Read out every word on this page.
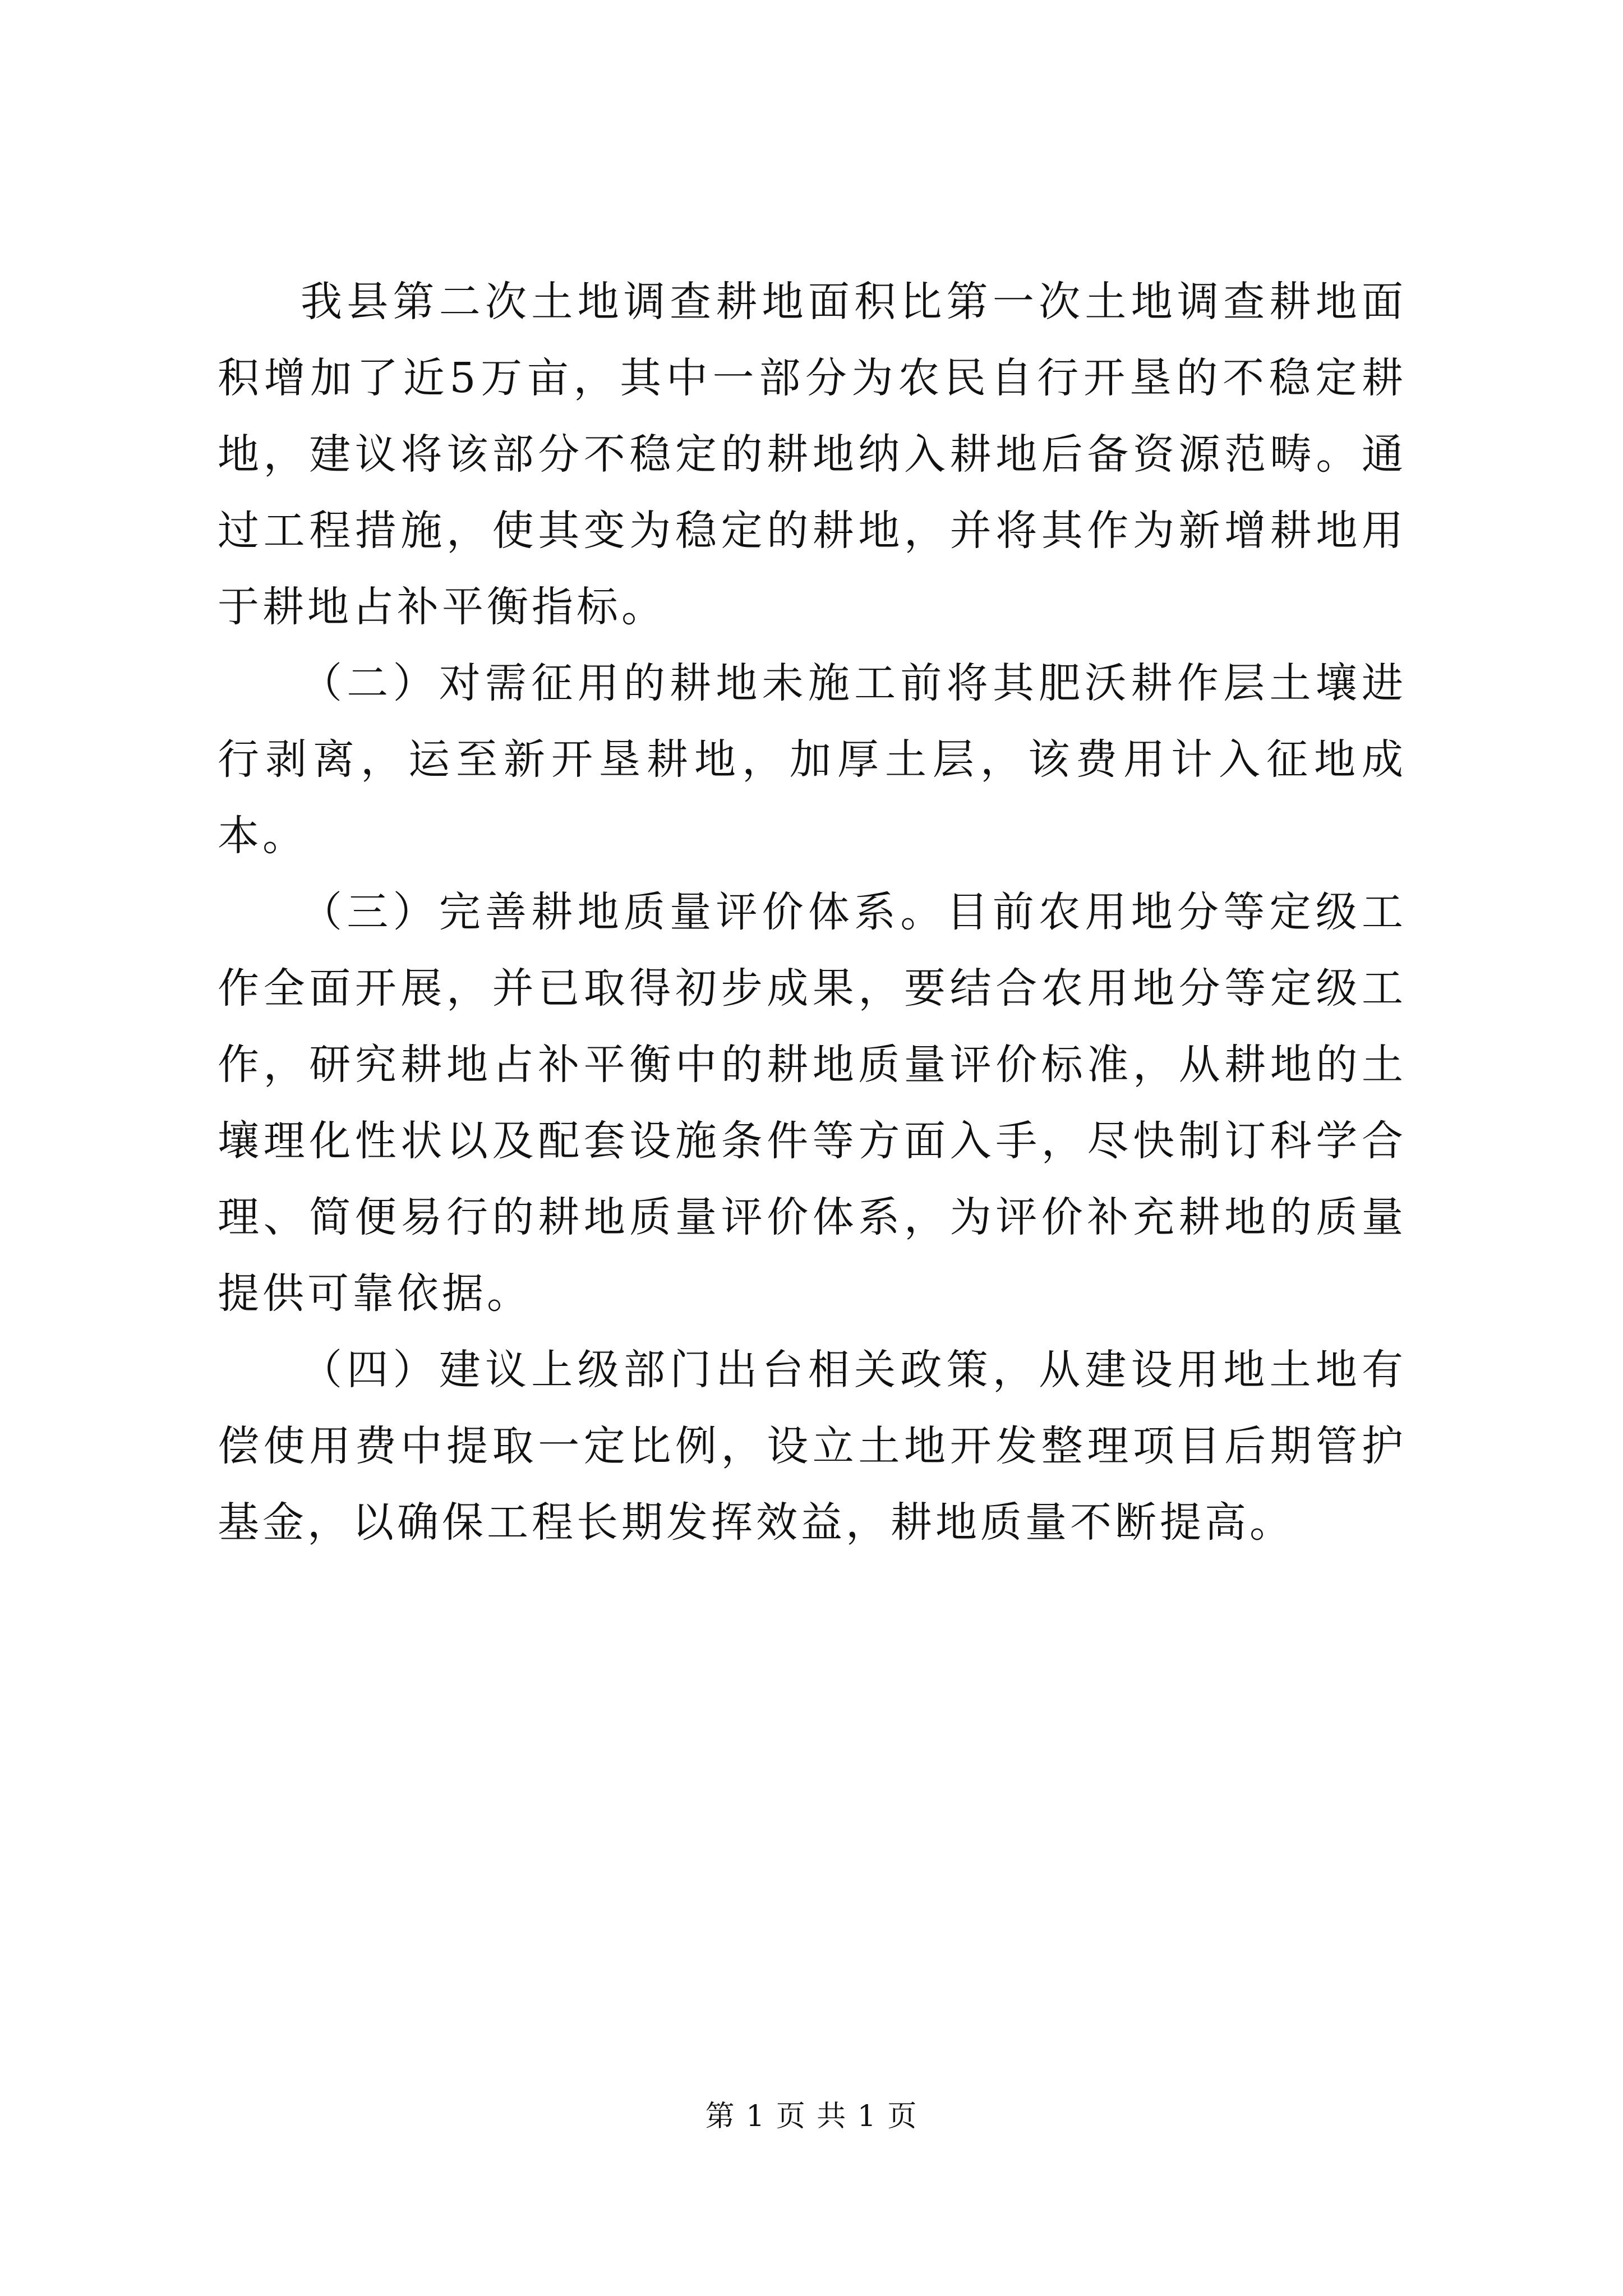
我县第二次土地调查耕地面积比第一次土地调查耕地面积增加了近5万亩，其中一部分为农民自行开垦的不稳定耕地，建议将该部分不稳定的耕地纳入耕地后备资源范畴。通过工程措施，使其变为稳定的耕地，并将其作为新增耕地用于耕地占补平衡指标。

（二）对需征用的耕地未施工前将其肥沃耕作层土壤进行剥离，运至新开垦耕地，加厚土层，该费用计入征地成本。

（三）完善耕地质量评价体系。目前农用地分等定级工作全面开展，并已取得初步成果，要结合农用地分等定级工作，研究耕地占补平衡中的耕地质量评价标准，从耕地的土壤理化性状以及配套设施条件等方面入手，尽快制订科学合理、简便易行的耕地质量评价体系，为评价补充耕地的质量提供可靠依据。

（四）建议上级部门出台相关政策，从建设用地土地有偿使用费中提取一定比例，设立土地开发整理项目后期管护基金，以确保工程长期发挥效益，耕地质量不断提高。

第 1 页 共 1 页
